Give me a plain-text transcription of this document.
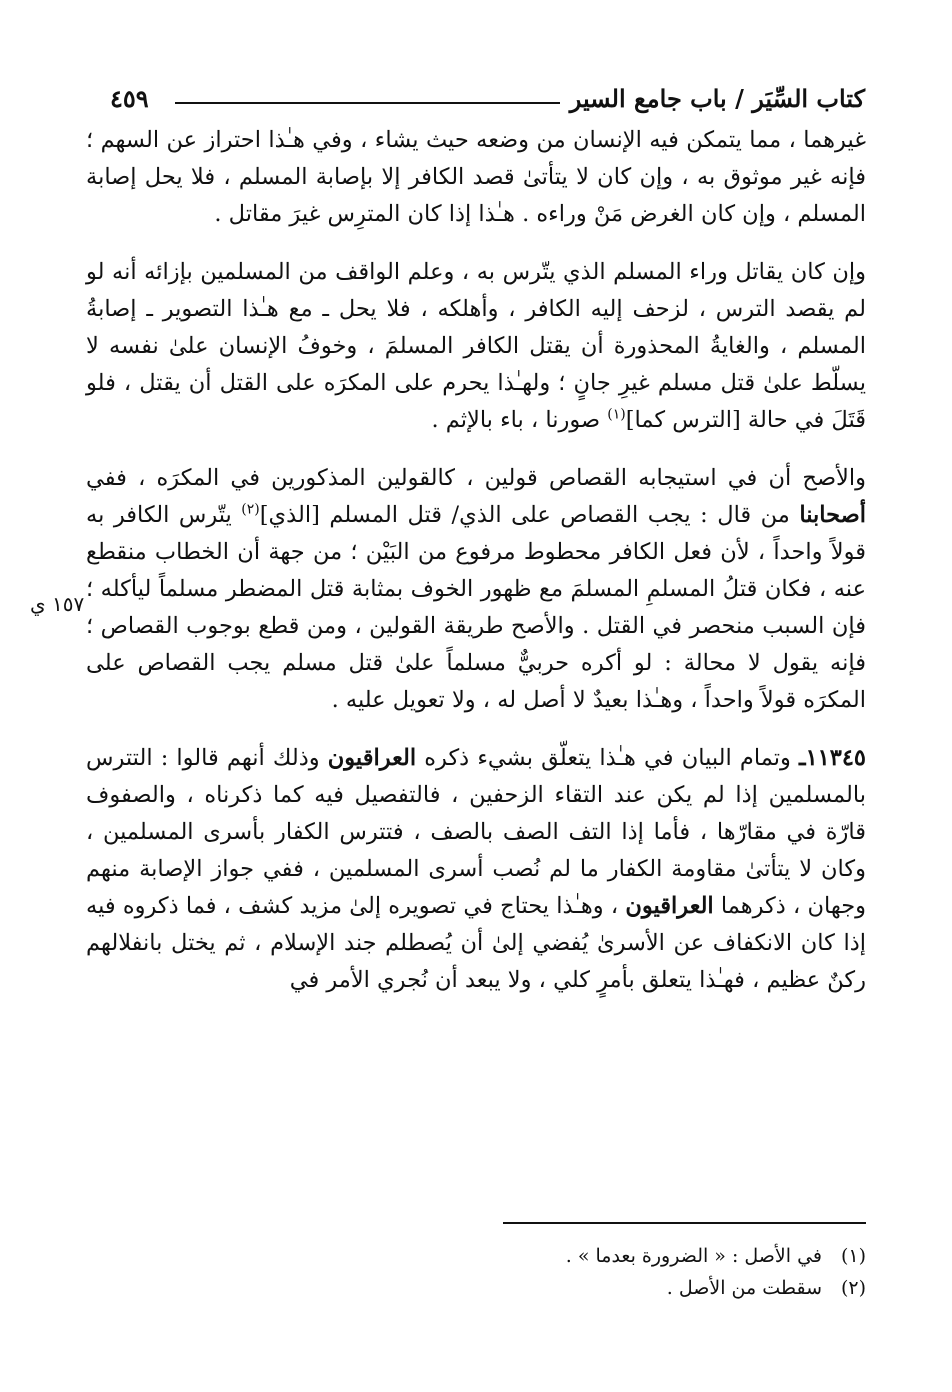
كتاب السِّيَر / باب جامع السير
٤٥٩
١٥٧ ي

غيرهما ، مما يتمكن فيه الإنسان من وضعه حيث يشاء ، وفي هـٰذا احتراز عن السهم ؛ فإنه غير موثوق به ، وإن كان لا يتأتىٰ قصد الكافر إلا بإصابة المسلم ، فلا يحل إصابة المسلم ، وإن كان الغرض مَنْ وراءه . هـٰذا إذا كان المترِس غيرَ مقاتل .

وإن كان يقاتل وراء المسلم الذي يتّرس به ، وعلم الواقف من المسلمين بإزائه أنه لو لم يقصد الترس ، لزحف إليه الكافر ، وأهلكه ، فلا يحل ـ مع هـٰذا التصوير ـ إصابةُ المسلم ، والغايةُ المحذورة أن يقتل الكافر المسلمَ ، وخوفُ الإنسان علىٰ نفسه لا يسلّط علىٰ قتل مسلم غيرِ جانٍ ؛ ولهـٰذا يحرم على المكرَه على القتل أن يقتل ، فلو قَتَلَ في حالة [الترس كما]$^{(١)}$ صورنا ، باء بالإثم .

والأصح أن في استيجابه القصاص قولين ، كالقولين المذكورين في المكرَه ، ففي أصحابنا من قال : يجب القصاص على الذي/ قتل المسلم [الذي]$^{(٢)}$ يتّرس الكافر به قولاً واحداً ، لأن فعل الكافر محطوط مرفوع من البَيْن ؛ من جهة أن الخطاب منقطع عنه ، فكان قتلُ المسلمِ المسلمَ مع ظهور الخوف بمثابة قتل المضطر مسلماً ليأكله ؛ فإن السبب منحصر في القتل . والأصح طريقة القولين ، ومن قطع بوجوب القصاص ؛ فإنه يقول لا محالة : لو أكره حربيٌّ مسلماً علىٰ قتل مسلم يجب القصاص على المكرَه قولاً واحداً ، وهـٰذا بعيدٌ لا أصل له ، ولا تعويل عليه .

١١٣٤٥ـ وتمام البيان في هـٰذا يتعلّق بشيء ذكره العراقيون وذلك أنهم قالوا : التترس بالمسلمين إذا لم يكن عند التقاء الزحفين ، فالتفصيل فيه كما ذكرناه ، والصفوف قارّة في مقارّها ، فأما إذا التف الصف بالصف ، فتترس الكفار بأسرى المسلمين ، وكان لا يتأتىٰ مقاومة الكفار ما لم نُصب أسرى المسلمين ، ففي جواز الإصابة منهم وجهان ، ذكرهما العراقيون ، وهـٰذا يحتاج في تصويره إلىٰ مزيد كشف ، فما ذكروه فيه إذا كان الانكفاف عن الأسرىٰ يُفضي إلىٰ أن يُصطلم جند الإسلام ، ثم يختل بانفلالهم ركنٌ عظيم ، فهـٰذا يتعلق بأمرٍ كلي ، ولا يبعد أن نُجري الأمر في

(١)في الأصل : « الضرورة بعدما » .

(٢)سقطت من الأصل .
